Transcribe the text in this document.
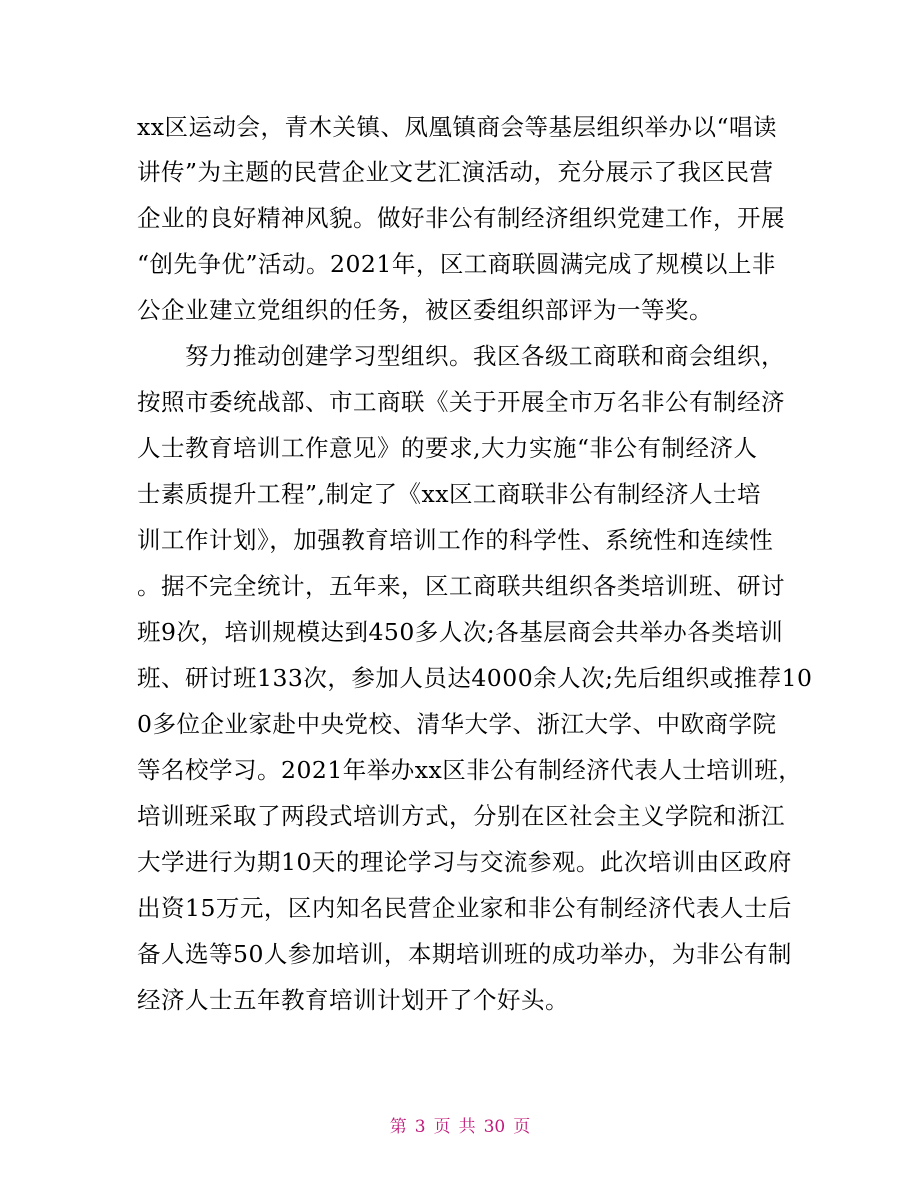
xx区运动会，青木关镇、凤凰镇商会等基层组织举办以“唱读
讲传”为主题的民营企业文艺汇演活动，充分展示了我区民营
企业的良好精神风貌。做好非公有制经济组织党建工作，开展
“创先争优”活动。2021年，区工商联圆满完成了规模以上非
公企业建立党组织的任务，被区委组织部评为一等奖。
　　努力推动创建学习型组织。我区各级工商联和商会组织，
按照市委统战部、市工商联《关于开展全市万名非公有制经济
人士教育培训工作意见》的要求,大力实施“非公有制经济人
士素质提升工程”,制定了《xx区工商联非公有制经济人士培
训工作计划》，加强教育培训工作的科学性、系统性和连续性
。据不完全统计，五年来，区工商联共组织各类培训班、研讨
班9次，培训规模达到450多人次;各基层商会共举办各类培训
班、研讨班133次，参加人员达4000余人次;先后组织或推荐10
0多位企业家赴中央党校、清华大学、浙江大学、中欧商学院
等名校学习。2021年举办xx区非公有制经济代表人士培训班，
培训班采取了两段式培训方式，分别在区社会主义学院和浙江
大学进行为期10天的理论学习与交流参观。此次培训由区政府
出资15万元，区内知名民营企业家和非公有制经济代表人士后
备人选等50人参加培训，本期培训班的成功举办，为非公有制
经济人士五年教育培训计划开了个好头。
第 3 页 共 30 页
